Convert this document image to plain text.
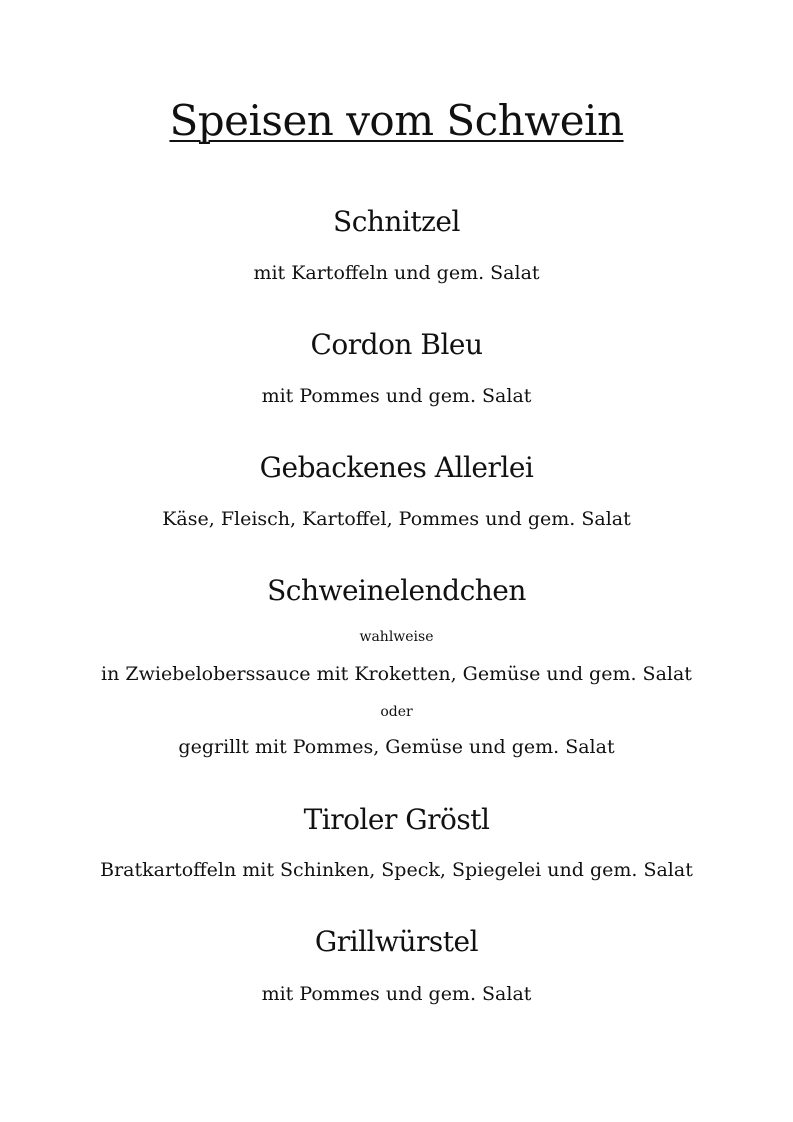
Speisen vom Schwein
Schnitzel

mit Kartoffeln und gem. Salat

Cordon Bleu

mit Pommes und gem. Salat

Gebackenes Allerlei

Käse, Fleisch, Kartoffel, Pommes und gem. Salat

Schweinelendchen

wahlweise

in Zwiebeloberssauce mit Kroketten, Gemüse und gem. Salat

oder

gegrillt mit Pommes, Gemüse und gem. Salat

Tiroler Gröstl

Bratkartoffeln mit Schinken, Speck, Spiegelei und gem. Salat

Grillwürstel

mit Pommes und gem. Salat
